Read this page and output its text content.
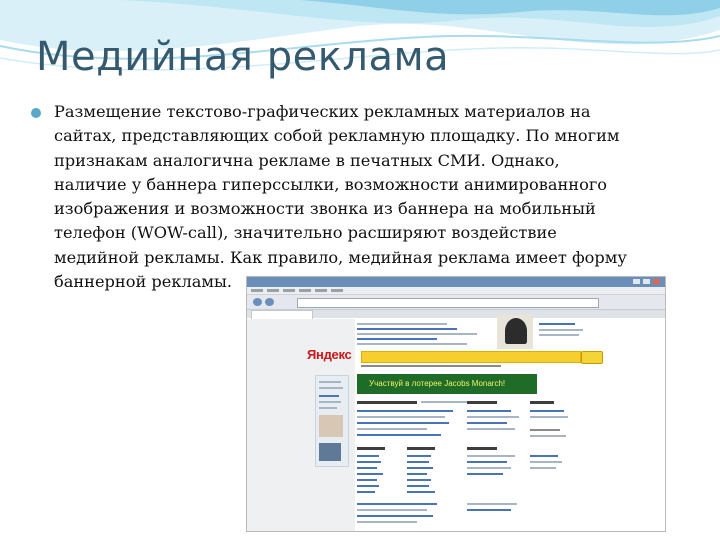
Медийная реклама
Размещение текстово-графических рекламных материалов на
сайтах, представляющих собой рекламную площадку. По многим
признакам аналогична рекламе в печатных СМИ. Однако,
наличие у баннера гиперссылки, возможности анимированного
изображения и возможности звонка из баннера на мобильный
телефон (WOW-call), значительно расширяют воздействие
медийной рекламы. Как правило, медийная реклама имеет форму
баннерной рекламы.
Яндекс
Участвуй в лотерее Jacobs Monarch!
